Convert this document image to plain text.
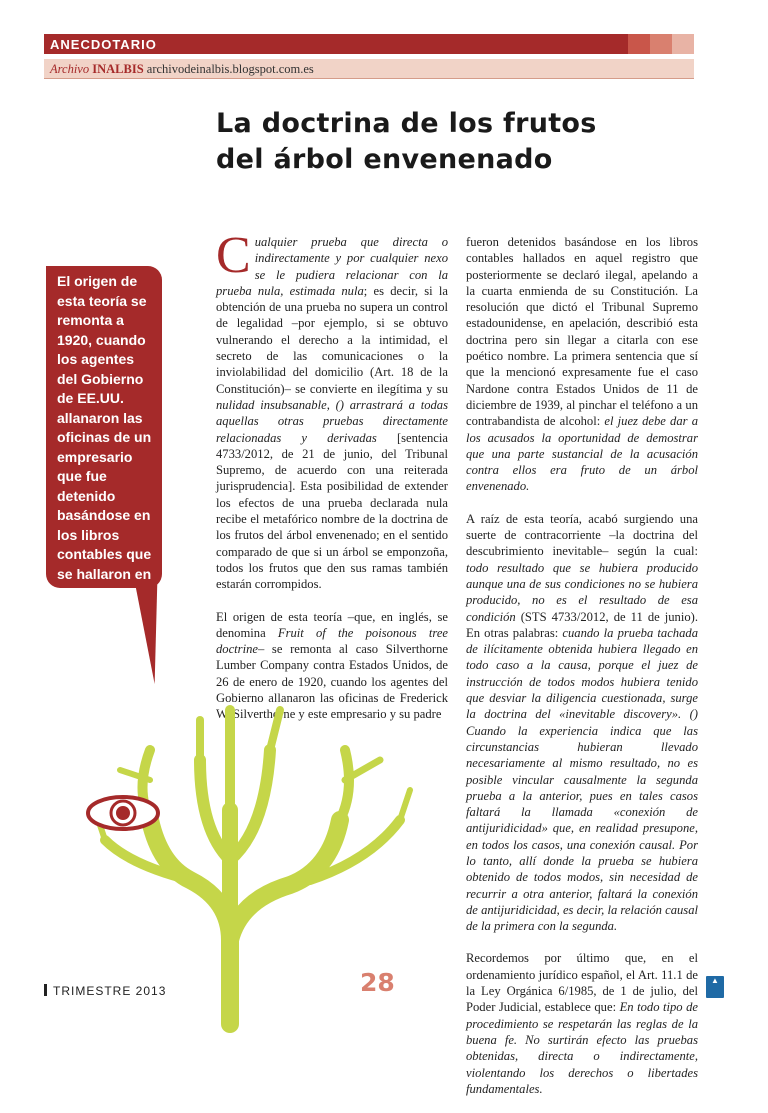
ANECDOTARIO
Archivo INALBIS archivodeinalbis.blogspot.com.es
La doctrina de los frutos
del árbol envenenado
El origen de esta teoría se remonta a 1920, cuando los agentes del Gobierno de EE.UU. allanaron las oficinas de un empresario que fue detenido basándose en los libros contables que se hallaron en un registro ilegal

Cualquier prueba que directa o indirectamente y por cualquier nexo se le pudiera relacionar con la prueba nula, estimada nula; es decir, si la obtención de una prueba no supera un control de legalidad –por ejemplo, si se obtuvo vulnerando el derecho a la intimidad, el secreto de las comunicaciones o la inviolabilidad del domicilio (Art. 18 de la Constitución)– se convierte en ilegítima y su nulidad insubsanable, () arrastrará a todas aquellas otras pruebas directamente relacionadas y derivadas [sentencia 4733/2012, de 21 de junio, del Tribunal Supremo, de acuerdo con una reiterada jurisprudencia]. Esta posibilidad de extender los efectos de una prueba declarada nula recibe el metafórico nombre de la doctrina de los frutos del árbol envenenado; en el sentido comparado de que si un árbol se emponzoña, todos los frutos que den sus ramas también estarán corrompidos.

El origen de esta teoría –que, en inglés, se denomina Fruit of the poisonous tree doctrine– se remonta al caso Silverthorne Lumber Company contra Estados Unidos, de 26 de enero de 1920, cuando los agentes del Gobierno allanaron las oficinas de Frederick W. Silverthorne y este empresario y su padre

fueron detenidos basándose en los libros contables hallados en aquel registro que posteriormente se declaró ilegal, apelando a la cuarta enmienda de su Constitución. La resolución que dictó el Tribunal Supremo estadounidense, en apelación, describió esta doctrina pero sin llegar a citarla con ese poético nombre. La primera sentencia que sí que la mencionó expresamente fue el caso Nardone contra Estados Unidos de 11 de diciembre de 1939, al pinchar el teléfono a un contrabandista de alcohol: el juez debe dar a los acusados la oportunidad de demostrar que una parte sustancial de la acusación contra ellos era fruto de un árbol envenenado.

A raíz de esta teoría, acabó surgiendo una suerte de contracorriente –la doctrina del descubrimiento inevitable– según la cual: todo resultado que se hubiera producido aunque una de sus condiciones no se hubiera producido, no es el resultado de esa condición (STS 4733/2012, de 11 de junio). En otras palabras: cuando la prueba tachada de ilícitamente obtenida hubiera llegado en todo caso a la causa, porque el juez de instrucción de todos modos hubiera tenido que desviar la diligencia cuestionada, surge la doctrina del «inevitable discovery». () Cuando la experiencia indica que las circunstancias hubieran llevado necesariamente al mismo resultado, no es posible vincular causalmente la segunda prueba a la anterior, pues en tales casos faltará la llamada «conexión de antijuridicidad» que, en realidad presupone, en todos los casos, una conexión causal. Por lo tanto, allí donde la prueba se hubiera obtenido de todos modos, sin necesidad de recurrir a otra anterior, faltará la conexión de antijuridicidad, es decir, la relación causal de la primera con la segunda.

Recordemos por último que, en el ordenamiento jurídico español, el Art. 11.1 de la Ley Orgánica 6/1985, de 1 de julio, del Poder Judicial, establece que: En todo tipo de procedimiento se respetarán las reglas de la buena fe. No surtirán efecto las pruebas obtenidas, directa o indirectamente, violentando los derechos o libertades fundamentales.

TRIMESTRE 2013	28	▲
